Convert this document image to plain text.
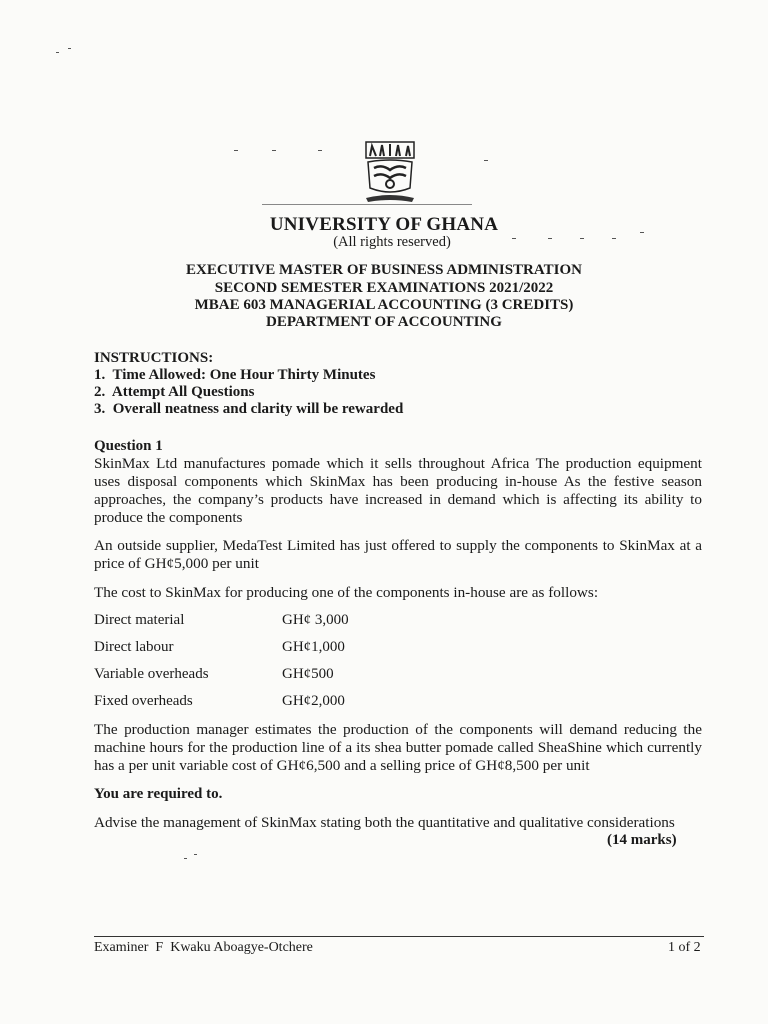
UNIVERSITY OF GHANA
(All rights reserved)
EXECUTIVE MASTER OF BUSINESS ADMINISTRATION
SECOND SEMESTER EXAMINATIONS 2021/2022
MBAE 603 MANAGERIAL ACCOUNTING (3 CREDITS)
DEPARTMENT OF ACCOUNTING
INSTRUCTIONS:
1.  Time Allowed: One Hour Thirty Minutes
2.  Attempt All Questions
3.  Overall neatness and clarity will be rewarded
Question 1
SkinMax Ltd manufactures pomade which it sells throughout Africa The production equipment uses disposal components which SkinMax has been producing in-house As the festive season approaches, the company’s products have increased in demand which is affecting its ability to produce the components
An outside supplier, MedaTest Limited has just offered to supply the components to SkinMax at a price of GH¢5,000 per unit
The cost to SkinMax for producing one of the components in-house are as follows:
Direct material	GH¢ 3,000
Direct labour	GH¢1,000
Variable overheads	GH¢500
Fixed overheads	GH¢2,000
The production manager estimates the production of the components will demand reducing the machine hours for the production line of a its shea butter pomade called SheaShine which currently has a per unit variable cost of GH¢6,500 and a selling price of GH¢8,500 per unit
You are required to.
Advise the management of SkinMax stating both the quantitative and qualitative considerations
(14 marks)
Examiner  F  Kwaku Aboagye-Otchere	1 of 2
